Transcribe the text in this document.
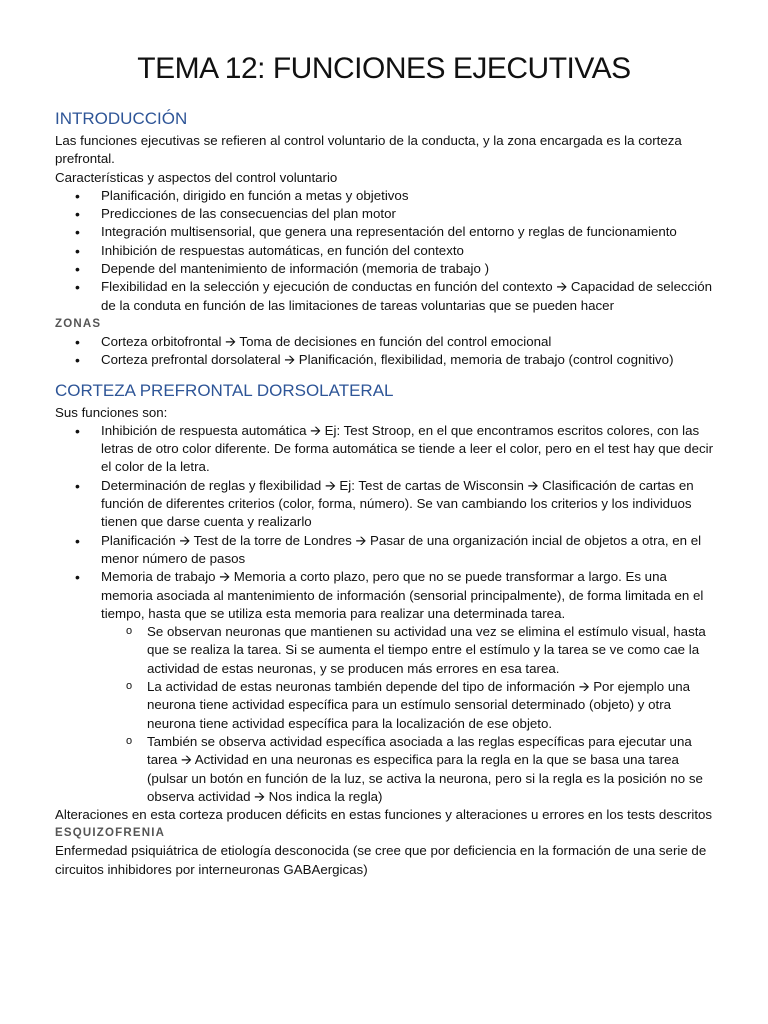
TEMA 12: FUNCIONES EJECUTIVAS
INTRODUCCIÓN

Las funciones ejecutivas se refieren al control voluntario de la conducta, y la zona encargada es la corteza prefrontal.

Características y aspectos del control voluntario

• Planificación, dirigido en función a metas y objetivos
• Predicciones de las consecuencias del plan motor
• Integración multisensorial, que genera una representación del entorno y reglas de funcionamiento
• Inhibición de respuestas automáticas, en función del contexto
• Depende del mantenimiento de información (memoria de trabajo )
• Flexibilidad en la selección y ejecución de conductas en función del contexto 🡪 Capacidad de selección de la conduta en función de las limitaciones de tareas voluntarias que se pueden hacer
ZONAS
• Corteza orbitofrontal 🡪 Toma de decisiones en función del control emocional
• Corteza prefrontal dorsolateral 🡪 Planificación, flexibilidad, memoria de trabajo (control cognitivo)
CORTEZA PREFRONTAL DORSOLATERAL

Sus funciones son:

• Inhibición de respuesta automática 🡪 Ej: Test Stroop, en el que encontramos escritos colores, con las letras de otro color diferente. De forma automática se tiende a leer el color, pero en el test hay que decir el color de la letra.
• Determinación de reglas y flexibilidad 🡪 Ej: Test de cartas de Wisconsin 🡪 Clasificación de cartas en función de diferentes criterios (color, forma, número). Se van cambiando los criterios y los individuos tienen que darse cuenta y realizarlo
• Planificación 🡪 Test de la torre de Londres 🡪 Pasar de una organización incial de objetos a otra, en el menor número de pasos
• Memoria de trabajo 🡪 Memoria a corto plazo, pero que no se puede transformar a largo. Es una memoria asociada al mantenimiento de información (sensorial principalmente), de forma limitada en el tiempo, hasta que se utiliza esta memoria para realizar una determinada tarea.
o Se observan neuronas que mantienen su actividad una vez se elimina el estímulo visual, hasta que se realiza la tarea. Si se aumenta el tiempo entre el estímulo y la tarea se ve como cae la actividad de estas neuronas, y se producen más errores en esa tarea.
o La actividad de estas neuronas también depende del tipo de información 🡪 Por ejemplo una neurona tiene actividad específica para un estímulo sensorial determinado (objeto) y otra neurona tiene actividad específica para la localización de ese objeto.
o También se observa actividad específica asociada a las reglas específicas para ejecutar una tarea 🡪 Actividad en una neuronas es especifica para la regla en la que se basa una tarea (pulsar un botón en función de la luz, se activa la neurona, pero si la regla es la posición no se observa actividad 🡪 Nos indica la regla)

Alteraciones en esta corteza producen déficits en estas funciones y alteraciones u errores en los tests descritos

ESQUIZOFRENIA

Enfermedad psiquiátrica de etiología desconocida (se cree que por deficiencia en la formación de una serie de circuitos inhibidores por interneuronas GABAergicas)
